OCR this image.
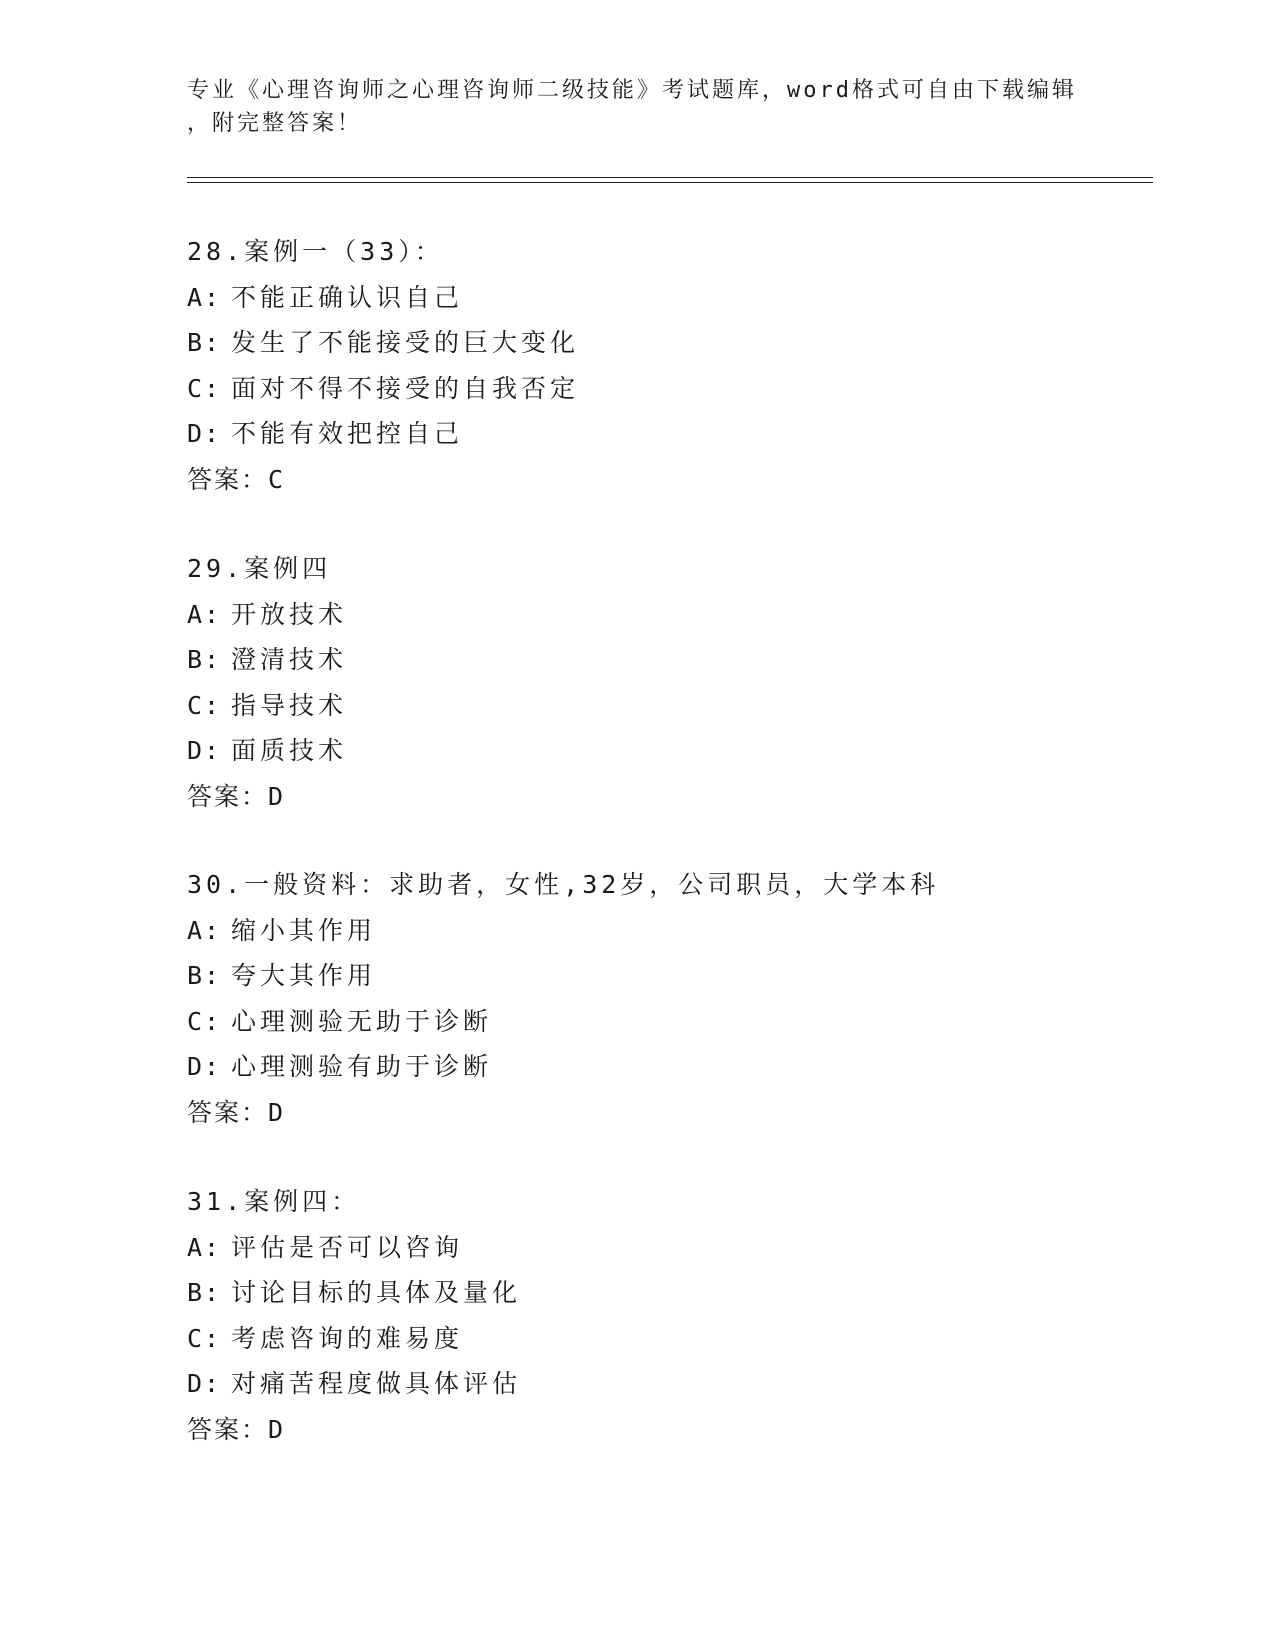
专业《心理咨询师之心理咨询师二级技能》考试题库，word格式可自由下载编辑
，附完整答案！
28.案例一（33）：
A: 不能正确认识自己
B: 发生了不能接受的巨大变化
C: 面对不得不接受的自我否定
D: 不能有效把控自己
答案：C
29.案例四
A: 开放技术
B: 澄清技术
C: 指导技术
D: 面质技术
答案：D
30.一般资料：求助者，女性,32岁，公司职员，大学本科
A: 缩小其作用
B: 夸大其作用
C: 心理测验无助于诊断
D: 心理测验有助于诊断
答案：D
31.案例四：
A: 评估是否可以咨询
B: 讨论目标的具体及量化
C: 考虑咨询的难易度
D: 对痛苦程度做具体评估
答案：D
